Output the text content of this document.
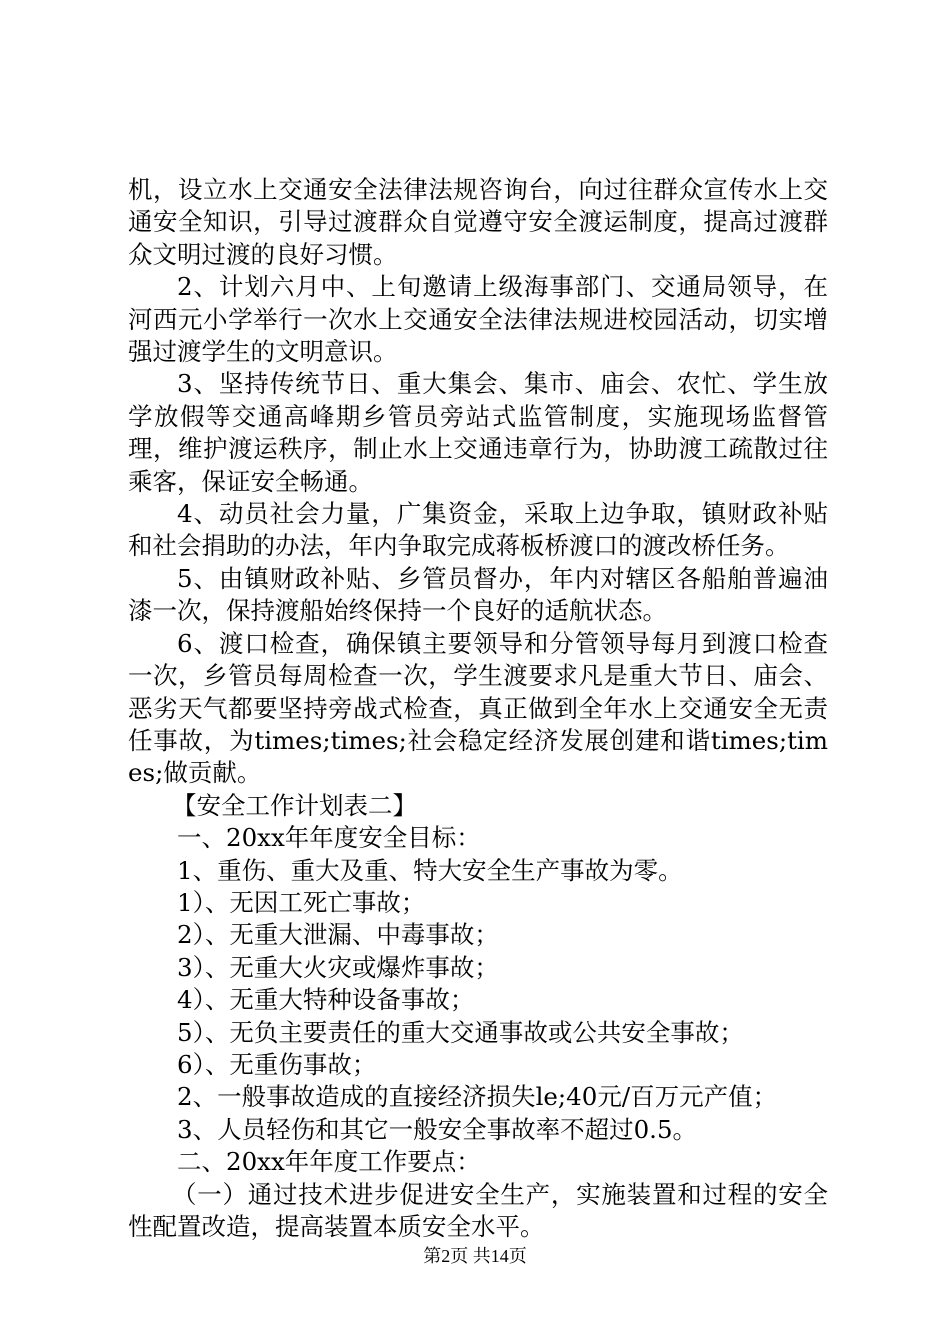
机，设立水上交通安全法律法规咨询台，向过往群众宣传水上交通安全知识，引导过渡群众自觉遵守安全渡运制度，提高过渡群众文明过渡的良好习惯。

2、计划六月中、上旬邀请上级海事部门、交通局领导，在河西元小学举行一次水上交通安全法律法规进校园活动，切实增强过渡学生的文明意识。

3、坚持传统节日、重大集会、集市、庙会、农忙、学生放学放假等交通高峰期乡管员旁站式监管制度，实施现场监督管理，维护渡运秩序，制止水上交通违章行为，协助渡工疏散过往乘客，保证安全畅通。

4、动员社会力量，广集资金，采取上边争取，镇财政补贴和社会捐助的办法，年内争取完成蒋板桥渡口的渡改桥任务。

5、由镇财政补贴、乡管员督办，年内对辖区各船舶普遍油漆一次，保持渡船始终保持一个良好的适航状态。

6、渡口检查，确保镇主要领导和分管领导每月到渡口检查一次，乡管员每周检查一次，学生渡要求凡是重大节日、庙会、恶劣天气都要坚持旁战式检查，真正做到全年水上交通安全无责任事故，为times;times;社会稳定经济发展创建和谐times;times;做贡献。

【安全工作计划表二】

一、20xx年年度安全目标：

1、重伤、重大及重、特大安全生产事故为零。

1）、无因工死亡事故；

2）、无重大泄漏、中毒事故；

3）、无重大火灾或爆炸事故；

4）、无重大特种设备事故；

5）、无负主要责任的重大交通事故或公共安全事故；

6）、无重伤事故；

2、一般事故造成的直接经济损失le;40元/百万元产值；

3、人员轻伤和其它一般安全事故率不超过0.5。

二、20xx年年度工作要点：

（一）通过技术进步促进安全生产，实施装置和过程的安全性配置改造，提高装置本质安全水平。

第2页 共14页
